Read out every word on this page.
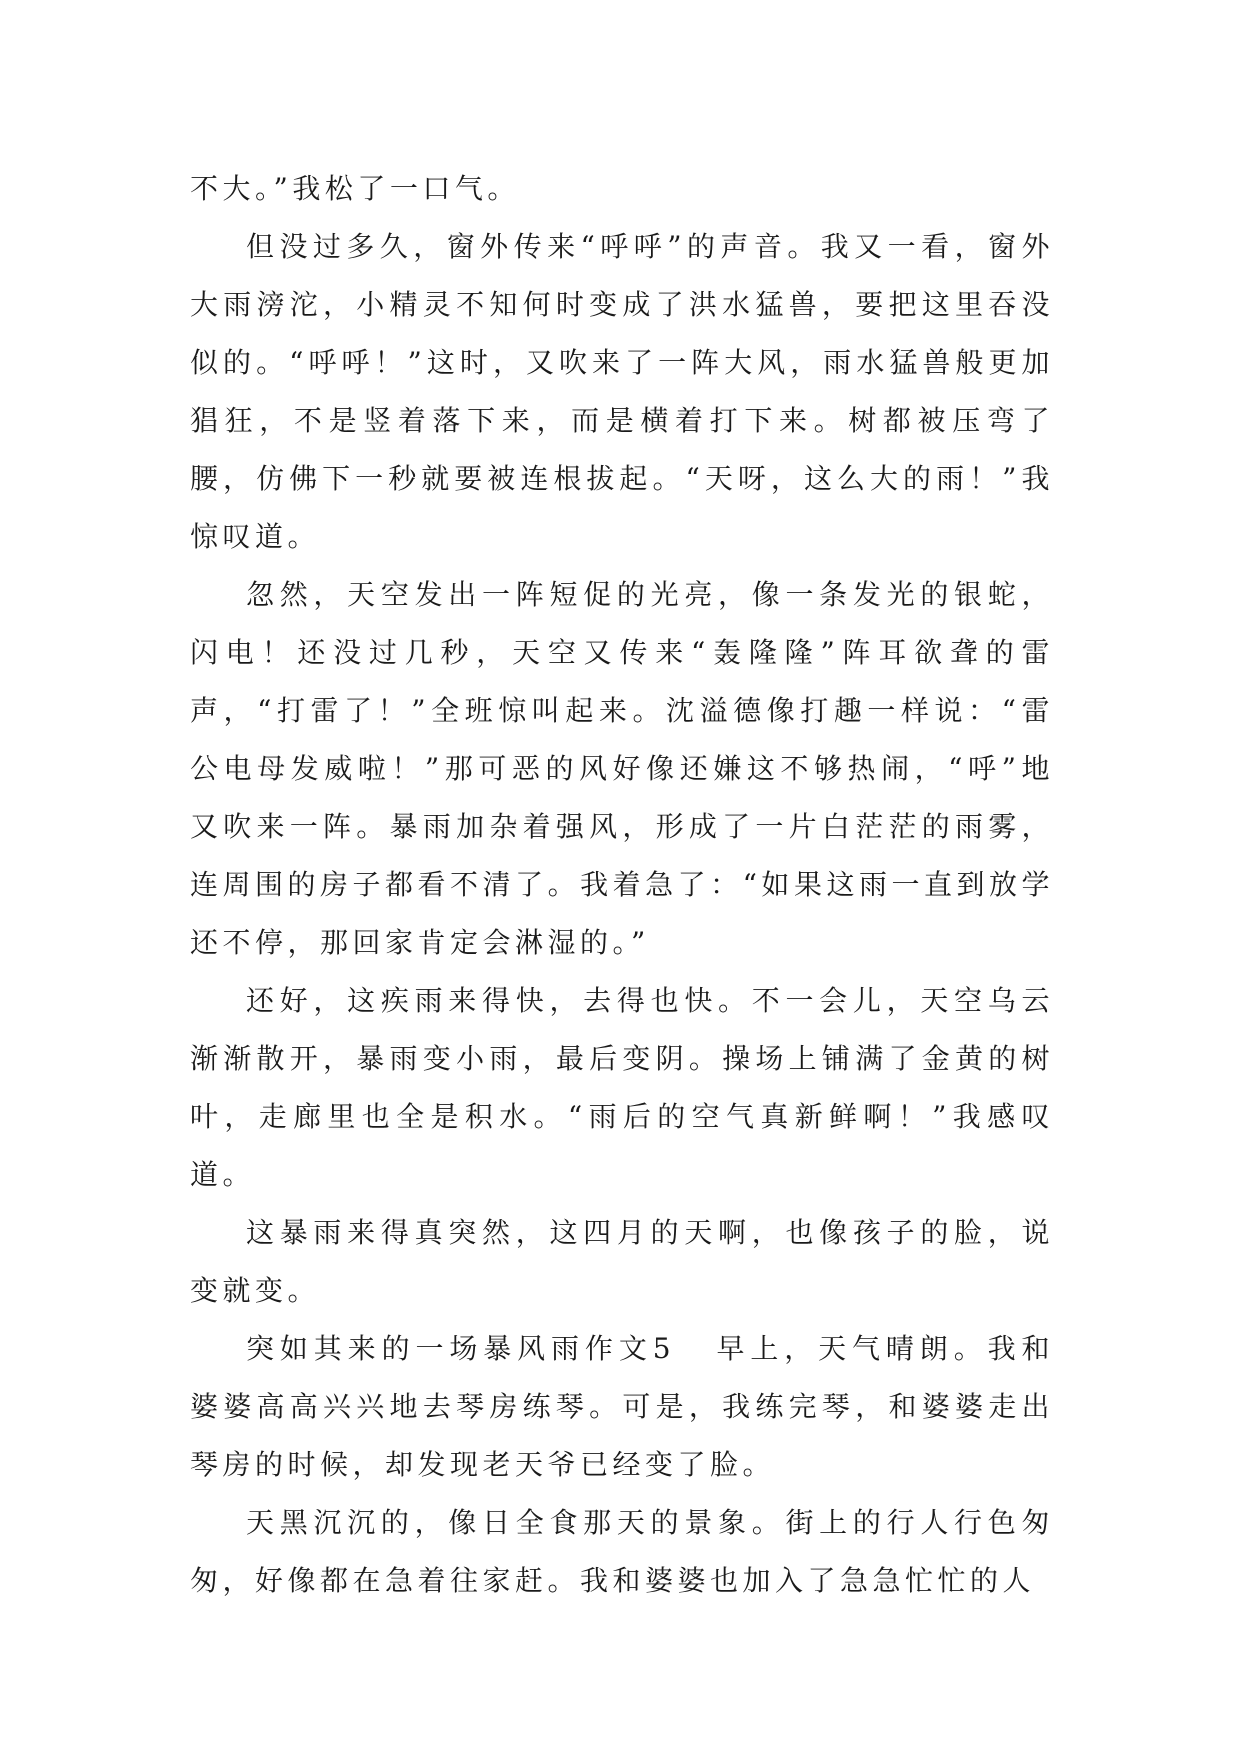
不大。”我松了一口气。

但没过多久，窗外传来“呼呼”的声音。我又一看，窗外大雨滂沱，小精灵不知何时变成了洪水猛兽，要把这里吞没似的。“呼呼！”这时，又吹来了一阵大风，雨水猛兽般更加猖狂，不是竖着落下来，而是横着打下来。树都被压弯了腰，仿佛下一秒就要被连根拔起。“天呀，这么大的雨！”我惊叹道。

忽然，天空发出一阵短促的光亮，像一条发光的银蛇，闪电！还没过几秒，天空又传来“轰隆隆”阵耳欲聋的雷声，“打雷了！”全班惊叫起来。沈溢德像打趣一样说：“雷公电母发威啦！”那可恶的风好像还嫌这不够热闹，“呼”地又吹来一阵。暴雨加杂着强风，形成了一片白茫茫的雨雾，连周围的房子都看不清了。我着急了：“如果这雨一直到放学还不停，那回家肯定会淋湿的。”

还好，这疾雨来得快，去得也快。不一会儿，天空乌云渐渐散开，暴雨变小雨，最后变阴。操场上铺满了金黄的树叶，走廊里也全是积水。“雨后的空气真新鲜啊！”我感叹道。

这暴雨来得真突然，这四月的天啊，也像孩子的脸，说变就变。

突如其来的一场暴风雨作文5 早上，天气晴朗。我和婆婆高高兴兴地去琴房练琴。可是，我练完琴，和婆婆走出琴房的时候，却发现老天爷已经变了脸。

天黑沉沉的，像日全食那天的景象。街上的行人行色匆匆，好像都在急着往家赶。我和婆婆也加入了急急忙忙的人
